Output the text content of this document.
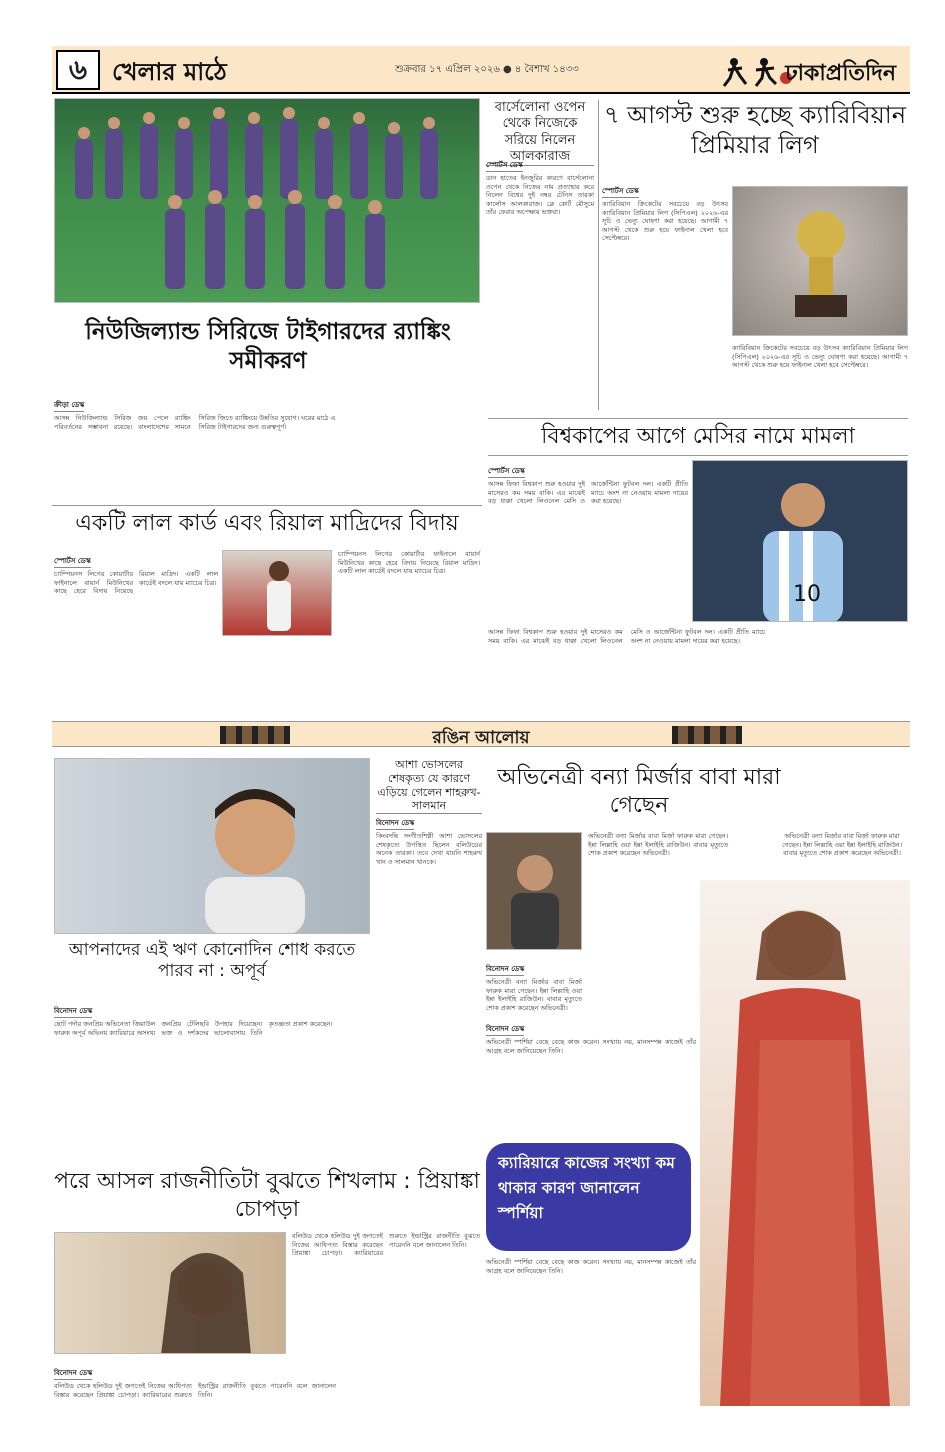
৬	খেলার মাঠে	শুক্রবার ১৭ এপ্রিল ২০২৬ ● ৪ বৈশাখ ১৪৩৩	ঢাকাপ্রতিদিন
নিউজিল্যান্ড সিরিজে টাইগারদের র‍্যাঙ্কিং সমীকরণ
ক্রীড়া ডেস্ক
আসন্ন নিউজিল্যান্ড সিরিজ জয় পেলে র‍্যাঙ্কিং পরিবর্তনের সম্ভাবনা রয়েছে। বাংলাদেশের সামনে সিরিজ জিতে র‍্যাঙ্কিংয়ে উন্নতির সুযোগ। ঘরের মাঠে এ সিরিজ টাইগারদের জন্য গুরুত্বপূর্ণ।
বার্সেলোনা ওপেন থেকে নিজেকে সরিয়ে নিলেন আলকারাজ
স্পোর্টস ডেস্ক
ডান হাতের ইনজুরির কারণে বার্সেলোনা ওপেন থেকে নিজের নাম প্রত্যাহার করে নিলেন বিশ্বের দুই নম্বর টেনিস তারকা কার্লোস আলকারাজ। ক্লে কোর্ট মৌসুমে তাঁর ফেরার অপেক্ষায় ভক্তরা।
৭ আগস্ট শুরু হচ্ছে ক্যারিবিয়ান প্রিমিয়ার লিগ
স্পোর্টস ডেস্ক
ক্যারিবিয়ান ক্রিকেটের সবচেয়ে বড় উৎসব ক্যারিবিয়ান প্রিমিয়ার লিগ (সিপিএল) ২০২৬-এর সূচি ও ভেন্যু ঘোষণা করা হয়েছে। আগামী ৭ আগস্ট থেকে শুরু হয়ে ফাইনাল খেলা হবে সেপ্টেম্বরে।
ক্যারিবিয়ান ক্রিকেটের সবচেয়ে বড় উৎসব ক্যারিবিয়ান প্রিমিয়ার লিগ (সিপিএল) ২০২৬-এর সূচি ও ভেন্যু ঘোষণা করা হয়েছে। আগামী ৭ আগস্ট থেকে শুরু হয়ে ফাইনাল খেলা হবে সেপ্টেম্বরে।
বিশ্বকাপের আগে মেসির নামে মামলা
স্পোর্টস ডেস্ক
আসন্ন ফিফা বিশ্বকাপ শুরু হওয়ার দুই মাসেরও কম সময় বাকি। এর মাঝেই বড় ধাক্কা খেলো লিওনেল মেসি ও আর্জেন্টিনা ফুটবল দল। একটি প্রীতি ম্যাচে অংশ না নেওয়ায় মামলা দায়ের করা হয়েছে।
10
আসন্ন ফিফা বিশ্বকাপ শুরু হওয়ার দুই মাসেরও কম সময় বাকি। এর মাঝেই বড় ধাক্কা খেলো লিওনেল মেসি ও আর্জেন্টিনা ফুটবল দল। একটি প্রীতি ম্যাচে অংশ না নেওয়ায় মামলা দায়ের করা হয়েছে।
একটি লাল কার্ড এবং রিয়াল মাদ্রিদের বিদায়
স্পোর্টস ডেস্ক
চ্যাম্পিয়নস লিগের কোয়ার্টার ফাইনালে বায়ার্ন মিউনিখের কাছে হেরে বিদায় নিয়েছে রিয়াল মাদ্রিদ। একটি লাল কার্ডেই বদলে যায় ম্যাচের চিত্র।
চ্যাম্পিয়নস লিগের কোয়ার্টার ফাইনালে বায়ার্ন মিউনিখের কাছে হেরে বিদায় নিয়েছে রিয়াল মাদ্রিদ। একটি লাল কার্ডেই বদলে যায় ম্যাচের চিত্র।
রঙিন আলোয়
আপনাদের এই ঋণ কোনোদিন শোধ করতে পারব না : অপূর্ব
বিনোদন ডেস্ক
ছোট পর্দার জনপ্রিয় অভিনেতা জিয়াউল ফারুক অপূর্ব অভিনয় ক্যারিয়ারে অসংখ্য জনপ্রিয় টেলিছবি উপহার দিয়েছেন। ভক্ত ও দর্শকদের ভালোবাসায় তিনি কৃতজ্ঞতা প্রকাশ করেছেন।
আশা ভোসলের শেষকৃত্য যে কারণে এড়িয়ে গেলেন শাহরুখ-সালমান
বিনোদন ডেস্ক
কিংবদন্তি সংগীতশিল্পী আশা ভোসলের শেষকৃত্যে উপস্থিত ছিলেন বলিউডের অনেক তারকা। তবে দেখা যায়নি শাহরুখ খান ও সালমান খানকে।
অভিনেত্রী বন্যা মির্জার বাবা মারা গেছেন
বিনোদন ডেস্ক
অভিনেত্রী বন্যা মির্জার বাবা মির্জা ফারুক মারা গেছেন। ইন্না লিল্লাহি ওয়া ইন্না ইলাইহি রাজিউন। বাবার মৃত্যুতে শোক প্রকাশ করেছেন অভিনেত্রী।
অভিনেত্রী বন্যা মির্জার বাবা মির্জা ফারুক মারা গেছেন। ইন্না লিল্লাহি ওয়া ইন্না ইলাইহি রাজিউন। বাবার মৃত্যুতে শোক প্রকাশ করেছেন অভিনেত্রী।
অভিনেত্রী বন্যা মির্জার বাবা মির্জা ফারুক মারা গেছেন। ইন্না লিল্লাহি ওয়া ইন্না ইলাইহি রাজিউন। বাবার মৃত্যুতে শোক প্রকাশ করেছেন অভিনেত্রী।
বিনোদন ডেস্ক
অভিনেত্রী স্পর্শিয়া বেছে বেছে কাজ করেন। সংখ্যায় নয়, মানসম্পন্ন কাজেই তাঁর আগ্রহ বলে জানিয়েছেন তিনি।
ক্যারিয়ারে কাজের সংখ্যা কম থাকার কারণ জানালেন স্পর্শিয়া
অভিনেত্রী স্পর্শিয়া বেছে বেছে কাজ করেন। সংখ্যায় নয়, মানসম্পন্ন কাজেই তাঁর আগ্রহ বলে জানিয়েছেন তিনি।
পরে আসল রাজনীতিটা বুঝতে শিখলাম : প্রিয়াঙ্কা চোপড়া
বলিউড থেকে হলিউড দুই জগতেই নিজের আধিপত্য বিস্তার করেছেন প্রিয়াঙ্কা চোপড়া। ক্যারিয়ারের শুরুতে ইন্ডাস্ট্রির রাজনীতি বুঝতে পারেননি বলে জানালেন তিনি।
বিনোদন ডেস্ক
বলিউড থেকে হলিউড দুই জগতেই নিজের আধিপত্য বিস্তার করেছেন প্রিয়াঙ্কা চোপড়া। ক্যারিয়ারের শুরুতে ইন্ডাস্ট্রির রাজনীতি বুঝতে পারেননি বলে জানালেন তিনি।
